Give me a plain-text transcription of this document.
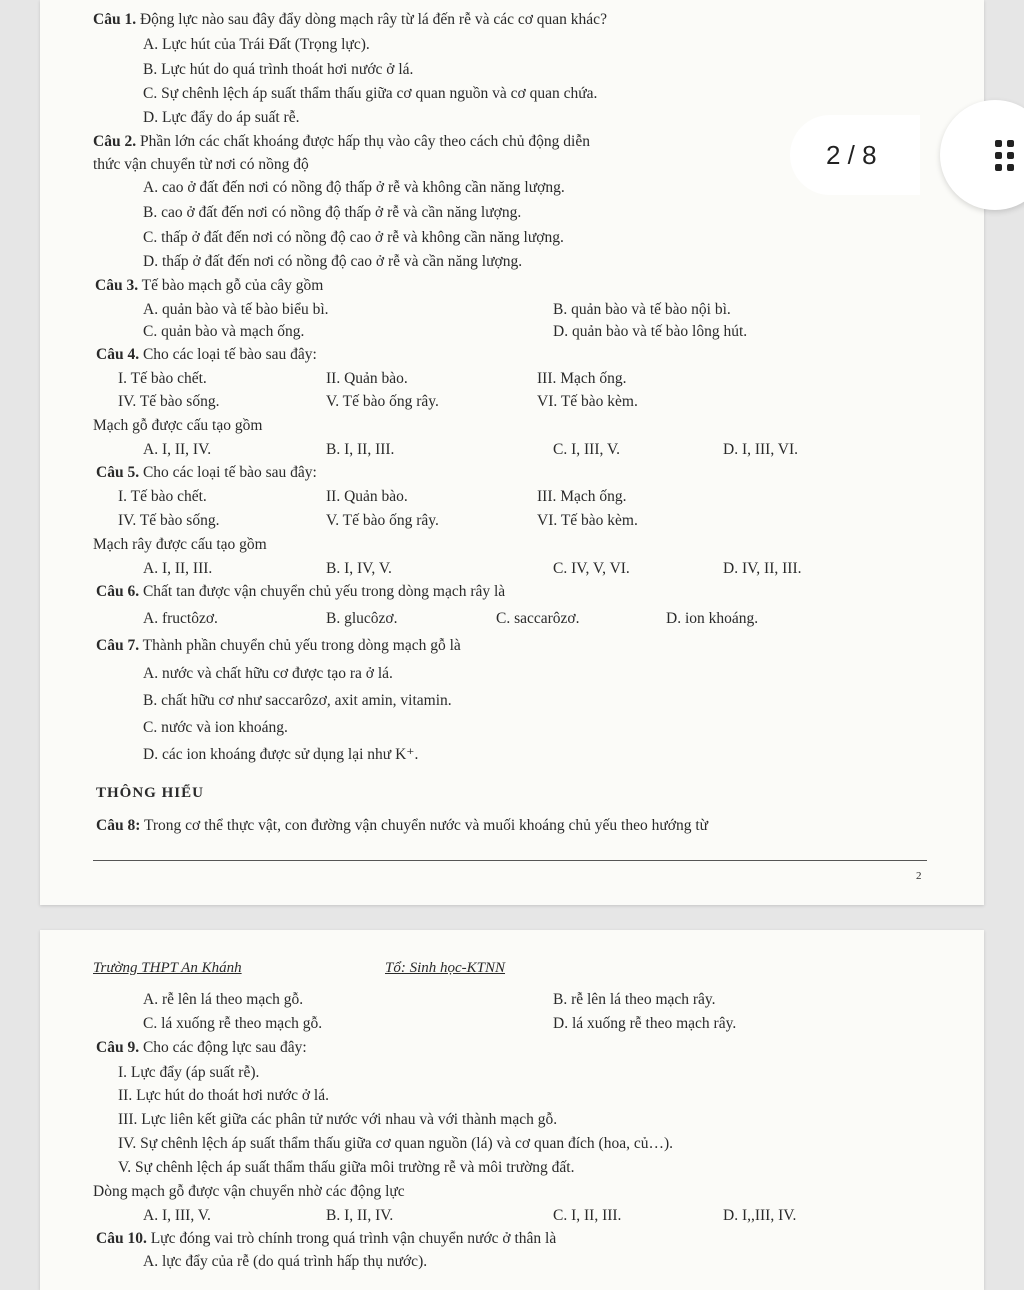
Câu 1. Động lực nào sau đây đẩy dòng mạch rây từ lá đến rễ và các cơ quan khác?
A. Lực hút của Trái Đất (Trọng lực).
B. Lực hút do quá trình thoát hơi nước ở lá.
C. Sự chênh lệch áp suất thẩm thấu giữa cơ quan nguồn và cơ quan chứa.
D. Lực đẩy do áp suất rễ.
Câu 2. Phần lớn các chất khoáng được hấp thụ vào cây theo cách chủ động diễn
thức vận chuyển từ nơi có nồng độ
A. cao ở đất đến nơi có nồng độ thấp ở rễ và không cần năng lượng.
B. cao ở đất đến nơi có nồng độ thấp ở rễ và cần năng lượng.
C. thấp ở đất đến nơi có nồng độ cao ở rễ và không cần năng lượng.
D. thấp ở đất đến nơi có nồng độ cao ở rễ và cần năng lượng.
Câu 3. Tế bào mạch gỗ của cây gồm
A. quản bào và tế bào biểu bì.	B. quản bào và tế bào nội bì.
C. quản bào và mạch ống.	D. quản bào và tế bào lông hút.
Câu 4. Cho các loại tế bào sau đây:
I. Tế bào chết.	II. Quản bào.	III. Mạch ống.
IV. Tế bào sống.	V. Tế bào ống rây.	VI. Tế bào kèm.
Mạch gỗ được cấu tạo gồm
A. I, II, IV.	B. I, II, III.	C. I, III, V.	D. I, III, VI.
Câu 5. Cho các loại tế bào sau đây:
I. Tế bào chết.	II. Quản bào.	III. Mạch ống.
IV. Tế bào sống.	V. Tế bào ống rây.	VI. Tế bào kèm.
Mạch rây được cấu tạo gồm
A. I, II, III.	B. I, IV, V.	C. IV, V, VI.	D. IV, II, III.
Câu 6. Chất tan được vận chuyển chủ yếu trong dòng mạch rây là
A. fructôzơ.	B. glucôzơ.	C. saccarôzơ.	D. ion khoáng.
Câu 7. Thành phần chuyển chủ yếu trong dòng mạch gỗ là
A. nước và chất hữu cơ được tạo ra ở lá.
B. chất hữu cơ như saccarôzơ, axit amin, vitamin.
C. nước và ion khoáng.
D. các ion khoáng được sử dụng lại như K⁺.
THÔNG HIỂU
Câu 8: Trong cơ thể thực vật, con đường vận chuyển nước và muối khoáng chủ yếu theo hướng từ
2
2 / 8
Trường THPT An Khánh	Tổ: Sinh học-KTNN
A. rễ lên lá theo mạch gỗ.	B. rễ lên lá theo mạch rây.
C. lá xuống rễ theo mạch gỗ.	D. lá xuống rễ theo mạch rây.
Câu 9. Cho các động lực sau đây:
I. Lực đẩy (áp suất rễ).
II. Lực hút do thoát hơi nước ở lá.
III. Lực liên kết giữa các phân tử nước với nhau và với thành mạch gỗ.
IV. Sự chênh lệch áp suất thẩm thấu giữa cơ quan nguồn (lá) và cơ quan đích (hoa, củ…).
V. Sự chênh lệch áp suất thẩm thấu giữa môi trường rễ và môi trường đất.
Dòng mạch gỗ được vận chuyển nhờ các động lực
A. I, III, V.	B. I, II, IV.	C. I, II, III.	D. I,,III, IV.
Câu 10. Lực đóng vai trò chính trong quá trình vận chuyển nước ở thân là
A. lực đẩy của rễ (do quá trình hấp thụ nước).
